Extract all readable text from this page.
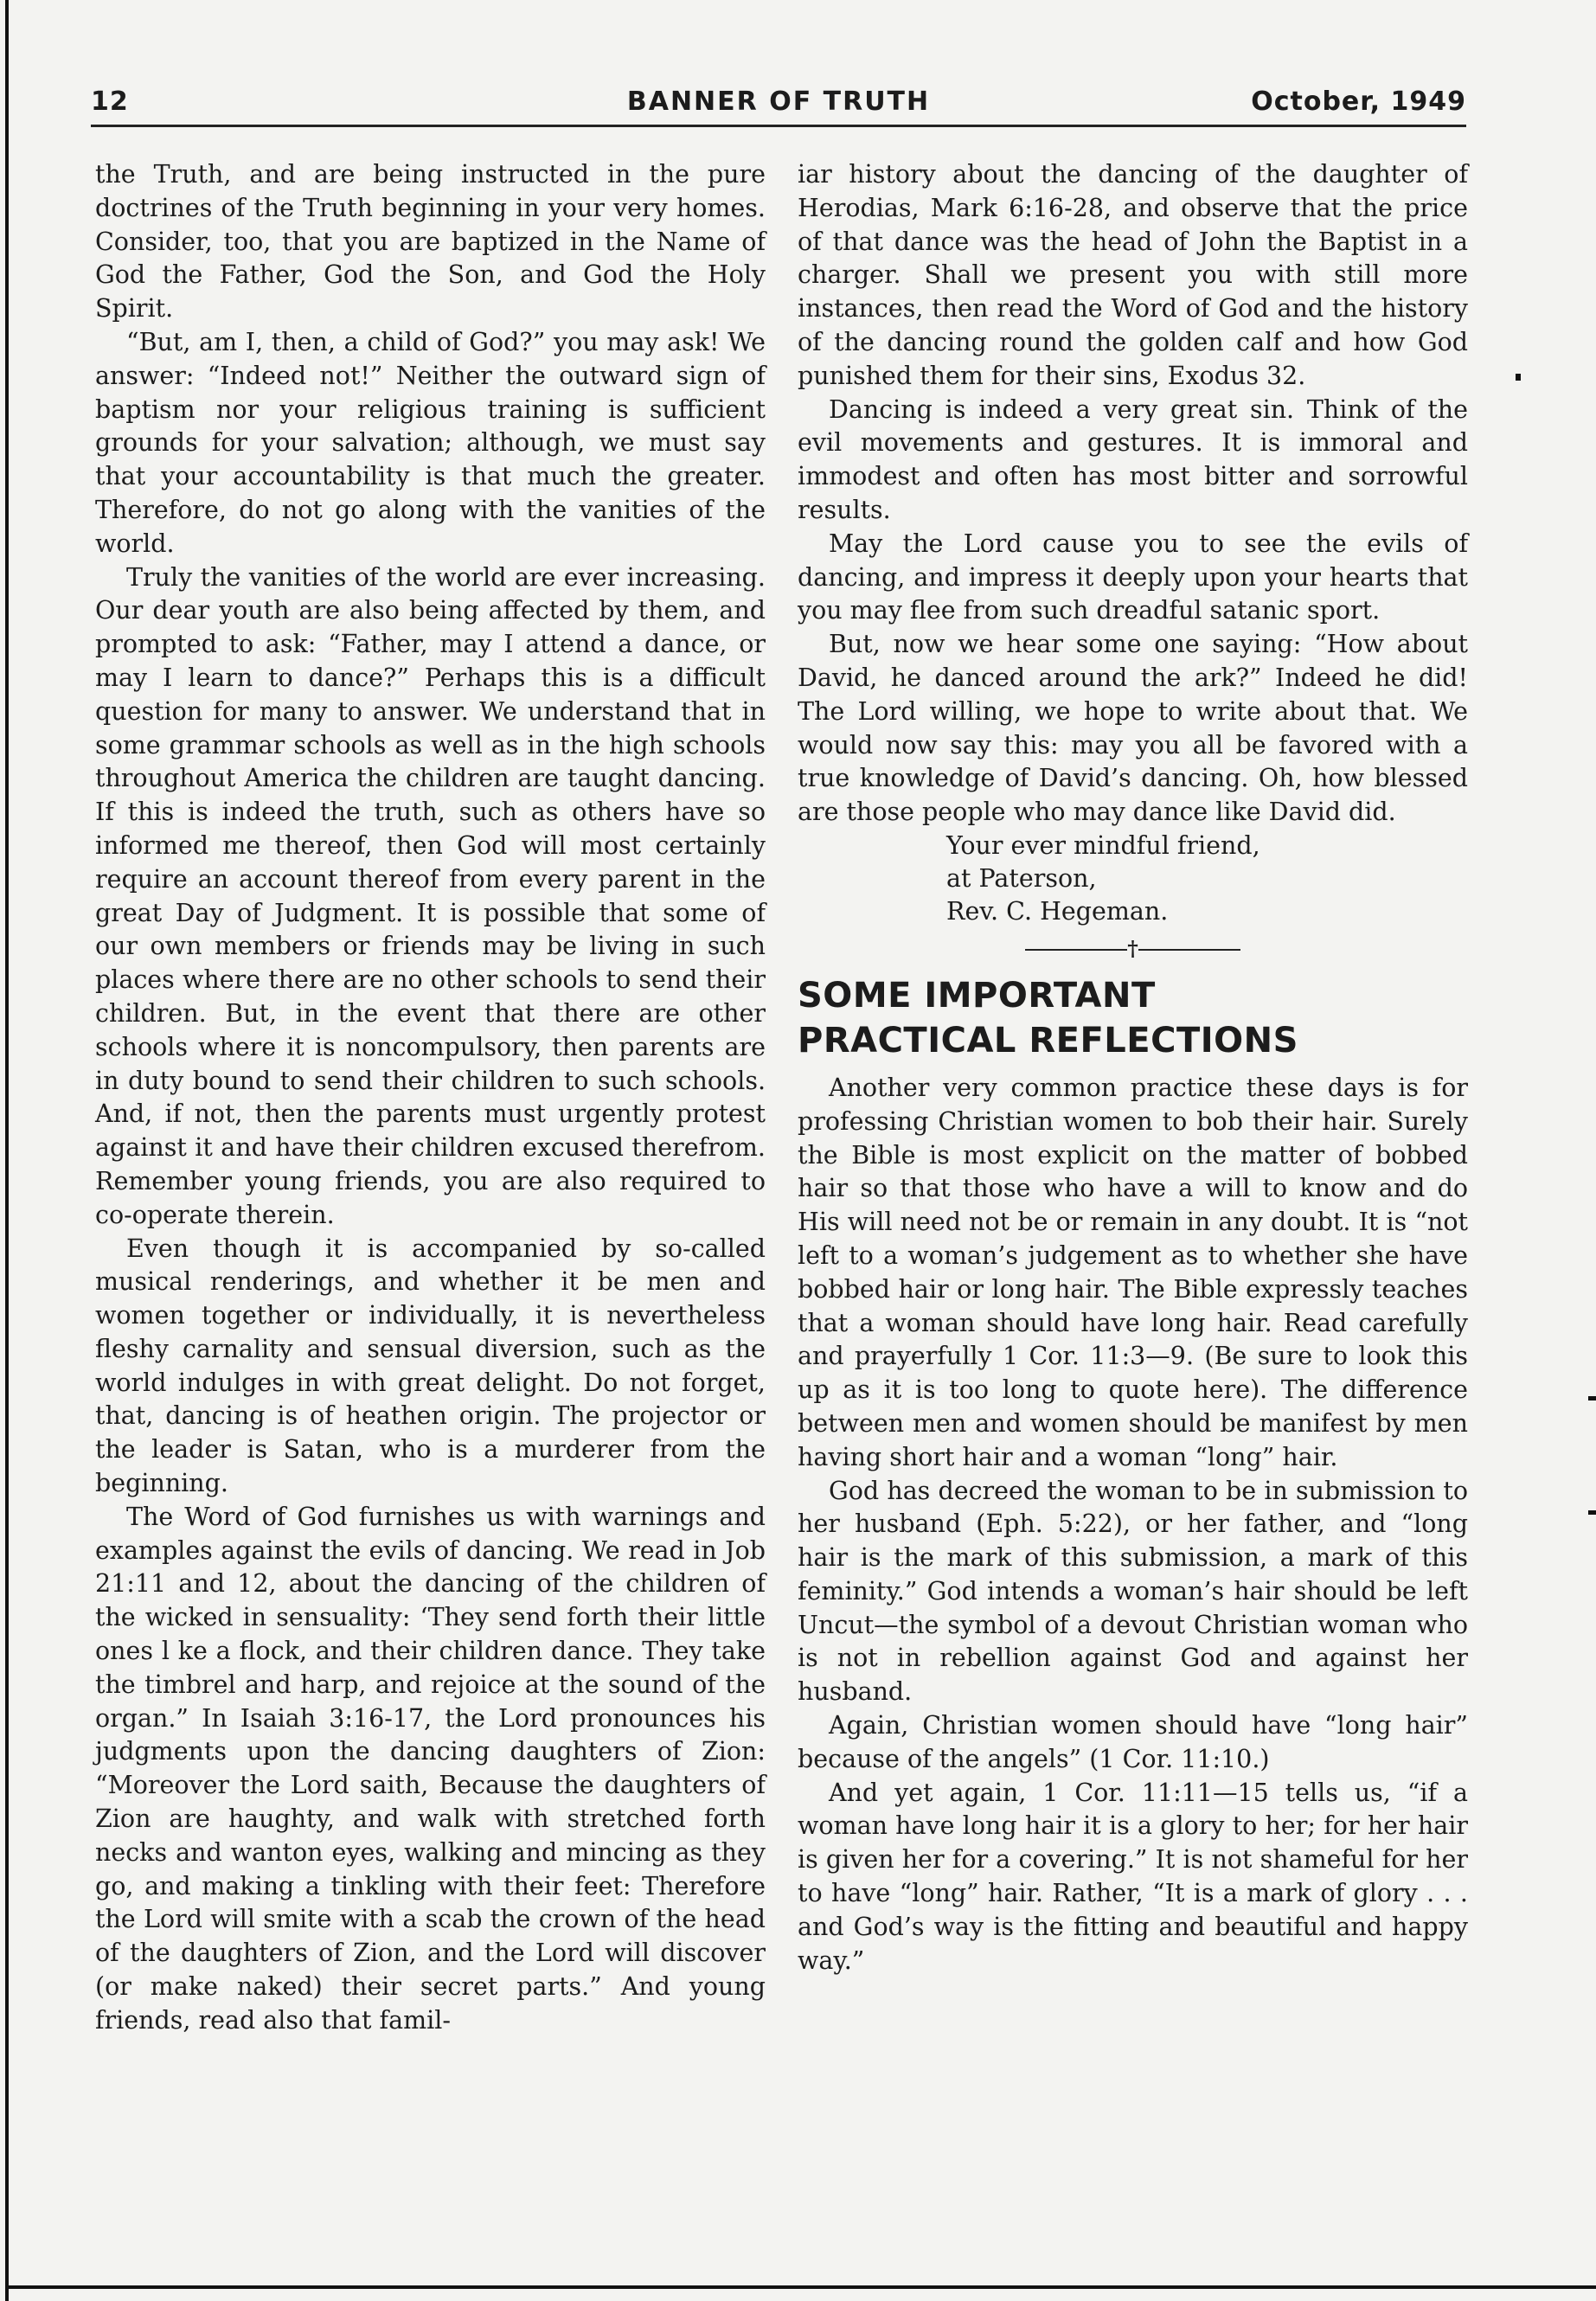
12	BANNER OF TRUTH	October, 1949

the Truth, and are being instructed in the pure doctrines of the Truth beginning in your very homes. Consider, too, that you are baptized in the Name of God the Father, God the Son, and God the Holy Spirit.

“But, am I, then, a child of God?” you may ask! We answer: “Indeed not!” Neither the outward sign of baptism nor your religious training is sufficient grounds for your salvation; although, we must say that your accountability is that much the greater. Therefore, do not go along with the vanities of the world.

Truly the vanities of the world are ever increasing. Our dear youth are also being affected by them, and prompted to ask: “Father, may I attend a dance, or may I learn to dance?” Perhaps this is a difficult question for many to answer. We understand that in some grammar schools as well as in the high schools throughout America the children are taught dancing. If this is indeed the truth, such as others have so informed me thereof, then God will most certainly require an account thereof from every parent in the great Day of Judgment. It is possible that some of our own members or friends may be living in such places where there are no other schools to send their children. But, in the event that there are other schools where it is noncompulsory, then parents are in duty bound to send their children to such schools. And, if not, then the parents must urgently protest against it and have their children excused therefrom. Remember young friends, you are also required to co-operate therein.

Even though it is accompanied by so-called musical renderings, and whether it be men and women together or individually, it is nevertheless fleshy carnality and sensual diversion, such as the world indulges in with great delight. Do not forget, that, dancing is of heathen origin. The projector or the leader is Satan, who is a murderer from the beginning.

The Word of God furnishes us with warnings and examples against the evils of dancing. We read in Job 21:11 and 12, about the dancing of the children of the wicked in sensuality: ‘They send forth their little ones l ke a flock, and their children dance. They take the timbrel and harp, and rejoice at the sound of the organ.” In Isaiah 3:16-17, the Lord pronounces his judgments upon the dancing daughters of Zion: “Moreover the Lord saith, Because the daughters of Zion are haughty, and walk with stretched forth necks and wanton eyes, walking and mincing as they go, and making a tinkling with their feet: Therefore the Lord will smite with a scab the crown of the head of the daughters of Zion, and the Lord will discover (or make naked) their secret parts.” And young friends, read also that famil-

iar history about the dancing of the daughter of Herodias, Mark 6:16-28, and observe that the price of that dance was the head of John the Baptist in a charger. Shall we present you with still more instances, then read the Word of God and the history of the dancing round the golden calf and how God punished them for their sins, Exodus 32.

Dancing is indeed a very great sin. Think of the evil movements and gestures. It is immoral and immodest and often has most bitter and sorrowful results.

May the Lord cause you to see the evils of dancing, and impress it deeply upon your hearts that you may flee from such dreadful satanic sport.

But, now we hear some one saying: “How about David, he danced around the ark?” Indeed he did! The Lord willing, we hope to write about that. We would now say this: may you all be favored with a true knowledge of David’s dancing. Oh, how blessed are those people who may dance like David did.

Your ever mindful friend,
at Paterson,
Rev. C. Hegeman.
†
SOME IMPORTANT
PRACTICAL REFLECTIONS

Another very common practice these days is for professing Christian women to bob their hair. Surely the Bible is most explicit on the matter of bobbed hair so that those who have a will to know and do His will need not be or remain in any doubt. It is “not left to a woman’s judgement as to whether she have bobbed hair or long hair. The Bible expressly teaches that a woman should have long hair. Read carefully and prayerfully 1 Cor. 11:3—9. (Be sure to look this up as it is too long to quote here). The difference between men and women should be manifest by men having short hair and a woman “long” hair.

God has decreed the woman to be in submission to her husband (Eph. 5:22), or her father, and “long hair is the mark of this submission, a mark of this feminity.” God intends a woman’s hair should be left Uncut—the symbol of a devout Christian woman who is not in rebellion against God and against her husband.

Again, Christian women should have “long hair” because of the angels” (1 Cor. 11:10.)

And yet again, 1 Cor. 11:11—15 tells us, “if a woman have long hair it is a glory to her; for her hair is given her for a covering.” It is not shameful for her to have “long” hair. Rather, “It is a mark of glory . . . and God’s way is the fitting and beautiful and happy way.”
